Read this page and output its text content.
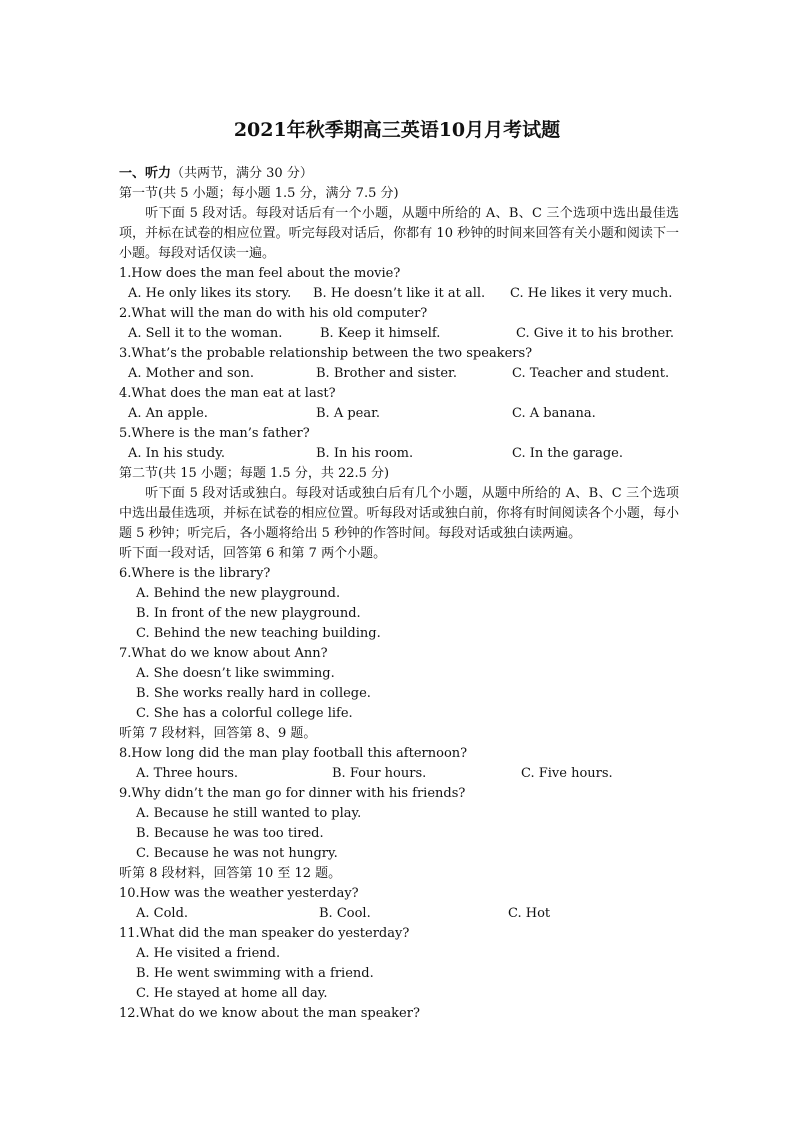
2021年秋季期高三英语10月月考试题
一、听力（共两节，满分 30 分）
第一节(共 5 小题；每小题 1.5 分，满分 7.5 分)
听下面 5 段对话。每段对话后有一个小题，从题中所给的 A、B、C 三个选项中选出最佳选项，并标在试卷的相应位置。听完每段对话后，你都有 10 秒钟的时间来回答有关小题和阅读下一小题。每段对话仅读一遍。
1.How does the man feel about the movie?
A. He only likes its story. B. He doesn’t like it at all. C. He likes it very much.
2.What will the man do with his old computer?
A. Sell it to the woman.	B. Keep it himself.	C. Give it to his brother.
3.What’s the probable relationship between the two speakers?
A. Mother and son.	B. Brother and sister.	C. Teacher and student.
4.What does the man eat at last?
A. An apple.	B. A pear.	C. A banana.
5.Where is the man’s father?
A. In his study.	B. In his room.	C. In the garage.
第二节(共 15 小题；每题 1.5 分，共 22.5 分)
听下面 5 段对话或独白。每段对话或独白后有几个小题，从题中所给的 A、B、C 三个选项中选出最佳选项，并标在试卷的相应位置。听每段对话或独白前，你将有时间阅读各个小题，每小题 5 秒钟；听完后，各小题将给出 5 秒钟的作答时间。每段对话或独白读两遍。
听下面一段对话，回答第 6 和第 7 两个小题。
6.Where is the library?
A. Behind the new playground.
B. In front of the new playground.
C. Behind the new teaching building.
7.What do we know about Ann?
A. She doesn’t like swimming.
B. She works really hard in college.
C. She has a colorful college life.
听第 7 段材料，回答第 8、9 题。
8.How long did the man play football this afternoon?
A. Three hours.	B. Four hours.	C. Five hours.
9.Why didn’t the man go for dinner with his friends?
A. Because he still wanted to play.
B. Because he was too tired.
C. Because he was not hungry.
听第 8 段材料，回答第 10 至 12 题。
10.How was the weather yesterday?
A. Cold.	B. Cool.	C. Hot
11.What did the man speaker do yesterday?
A. He visited a friend.
B. He went swimming with a friend.
C. He stayed at home all day.
12.What do we know about the man speaker?
